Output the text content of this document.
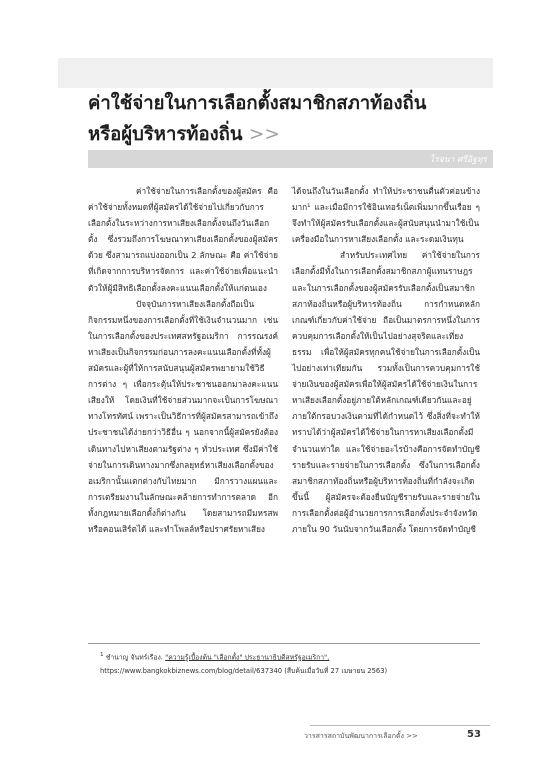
ค่าใช้จ่ายในการเลือกตั้งสมาชิกสภาท้องถิ่น
หรือผู้บริหารท้องถิ่น >>
โรจนา ศรีอิฐทุร

ค่าใช้จ่ายในการเลือกตั้งของผู้สมัคร คือ ค่าใช้จ่ายทั้งหมดที่ผู้สมัครได้ใช้จ่ายไปเกี่ยวกับการเลือกตั้งในระหว่างการหาเสียงเลือกตั้งจนถึงวันเลือกตั้ง ซึ่งรวมถึงการโฆษณาหาเสียงเลือกตั้งของผู้สมัครด้วย ซึ่งสามารถแบ่งออกเป็น 2 ลักษณะ คือ ค่าใช้จ่ายที่เกิดจากการบริหารจัดการ และค่าใช้จ่ายเพื่อแนะนำตัวให้ผู้มีสิทธิเลือกตั้งลงคะแนนเลือกตั้งให้แก่ตนเอง

ปัจจุบันการหาเสียงเลือกตั้งถือเป็นกิจกรรมหนึ่งของการเลือกตั้งที่ใช้เงินจำนวนมาก เช่น ในการเลือกตั้งของประเทศสหรัฐอเมริกา การรณรงค์หาเสียงเป็นกิจกรรมก่อนการลงคะแนนเลือกตั้งที่ทั้งผู้สมัครและผู้ที่ให้การสนับสนุนผู้สมัครพยายามใช้วิธีการต่าง ๆ เพื่อกระตุ้นให้ประชาชนออกมาลงคะแนนเสียงให้ โดยเงินที่ใช้จ่ายส่วนมากจะเป็นการโฆษณาทางโทรทัศน์ เพราะเป็นวิธีการที่ผู้สมัครสามารถเข้าถึงประชาชนได้ง่ายกว่าวิธีอื่น ๆ นอกจากนี้ผู้สมัครยังต้องเดินทางไปหาเสียงตามรัฐต่าง ๆ ทั่วประเทศ ซึ่งมีค่าใช้จ่ายในการเดินทางมากซึ่งกลยุทธ์หาเสียงเลือกตั้งของอเมริกานั้นแตกต่างกับไทยมาก มีการวางแผนและการเตรียมงานในลักษณะคล้ายการทำการตลาด อีกทั้งกฎหมายเลือกตั้งก็ต่างกัน โดยสามารถมีมหรสพหรือคอนเสิร์ตได้ และทำโพลล์หรือปราศรัยหาเสียง

ได้จนถึงในวันเลือกตั้ง ทำให้ประชาชนตื่นตัวค่อนข้างมาก¹ และเมื่อมีการใช้อินเทอร์เน็ตเพิ่มมากขึ้นเรื่อย ๆ จึงทำให้ผู้สมัครรับเลือกตั้งและผู้สนับสนุนนำมาใช้เป็นเครื่องมือในการหาเสียงเลือกตั้ง และระดมเงินทุน

สำหรับประเทศไทย ค่าใช้จ่ายในการเลือกตั้งมีทั้งในการเลือกตั้งสมาชิกสภาผู้แทนราษฎร และในการเลือกตั้งของผู้สมัครรับเลือกตั้งเป็นสมาชิกสภาท้องถิ่นหรือผู้บริหารท้องถิ่น การกำหนดหลักเกณฑ์เกี่ยวกับค่าใช้จ่าย ถือเป็นมาตรการหนึ่งในการควบคุมการเลือกตั้งให้เป็นไปอย่างสุจริตและเที่ยงธรรม เพื่อให้ผู้สมัครทุกคนใช้จ่ายในการเลือกตั้งเป็นไปอย่างเท่าเทียมกัน รวมทั้งเป็นการควบคุมการใช้จ่ายเงินของผู้สมัครเพื่อให้ผู้สมัครได้ใช้จ่ายเงินในการหาเสียงเลือกตั้งอยู่ภายใต้หลักเกณฑ์เดียวกันและอยู่ภายใต้กรอบวงเงินตามที่ได้กำหนดไว้ ซึ่งสิ่งที่จะทำให้ทราบได้ว่าผู้สมัครได้ใช้จ่ายในการหาเสียงเลือกตั้งมีจำนวนเท่าใด และใช้จ่ายอะไรบ้างคือการจัดทำบัญชีรายรับและรายจ่ายในการเลือกตั้ง ซึ่งในการเลือกตั้งสมาชิกสภาท้องถิ่นหรือผู้บริหารท้องถิ่นที่กำลังจะเกิดขึ้นนี้ ผู้สมัครจะต้องยื่นบัญชีรายรับและรายจ่ายในการเลือกตั้งต่อผู้อำนวยการการเลือกตั้งประจำจังหวัดภายใน 90 วันนับจากวันเลือกตั้ง โดยการจัดทำบัญชี

$^1$ ชำนาญ จันทร์เรือง. "ความรู้เบื้องต้น "เลือกตั้ง" ประธานาธิบดีสหรัฐอเมริกา",
https://www.bangkokbiznews.com/blog/detail/637340 (สืบค้นเมื่อวันที่ 27 เมษายน 2563)
วารสารสถาบันพัฒนาการเลือกตั้ง >>	53
